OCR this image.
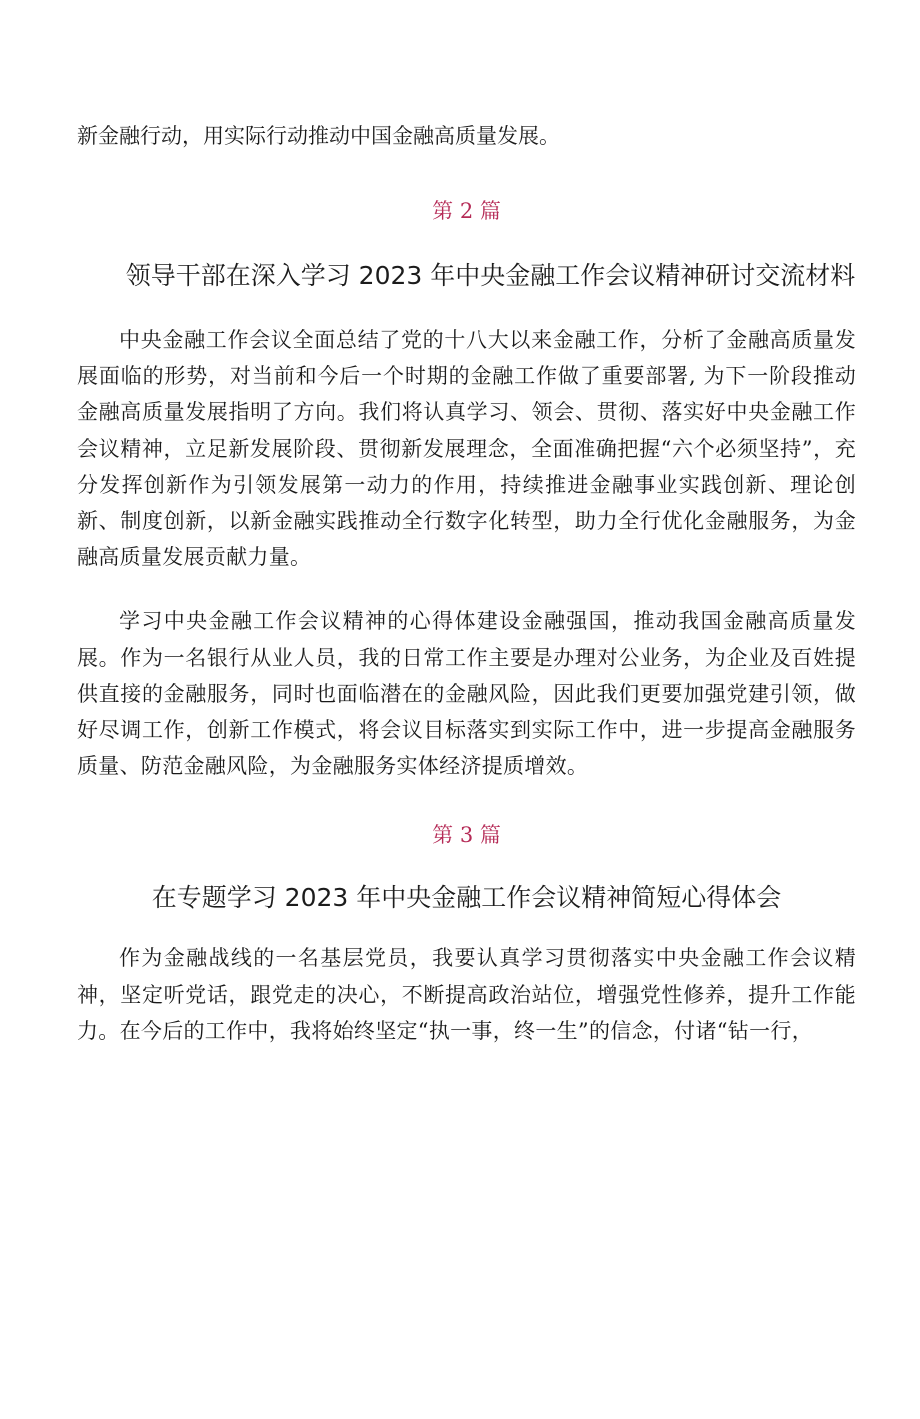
新金融行动，用实际行动推动中国金融高质量发展。

第 2 篇

领导干部在深入学习 2023 年中央金融工作会议精神研讨交流材料

中央金融工作会议全面总结了党的十八大以来金融工作，分析了金融高质量发展面临的形势，对当前和今后一个时期的金融工作做了重要部署, 为下一阶段推动金融高质量发展指明了方向。我们将认真学习、领会、贯彻、落实好中央金融工作会议精神，立足新发展阶段、贯彻新发展理念，全面准确把握“六个必须坚持”，充分发挥创新作为引领发展第一动力的作用，持续推进金融事业实践创新、理论创新、制度创新，以新金融实践推动全行数字化转型，助力全行优化金融服务，为金融高质量发展贡献力量。

学习中央金融工作会议精神的心得体建设金融强国，推动我国金融高质量发展。作为一名银行从业人员，我的日常工作主要是办理对公业务，为企业及百姓提供直接的金融服务，同时也面临潜在的金融风险，因此我们更要加强党建引领，做好尽调工作，创新工作模式，将会议目标落实到实际工作中，进一步提高金融服务质量、防范金融风险，为金融服务实体经济提质增效。

第 3 篇

在专题学习 2023 年中央金融工作会议精神简短心得体会

作为金融战线的一名基层党员，我要认真学习贯彻落实中央金融工作会议精神，坚定听党话，跟党走的决心，不断提高政治站位，增强党性修养，提升工作能力。在今后的工作中，我将始终坚定“执一事，终一生”的信念，付诸“钻一行，
